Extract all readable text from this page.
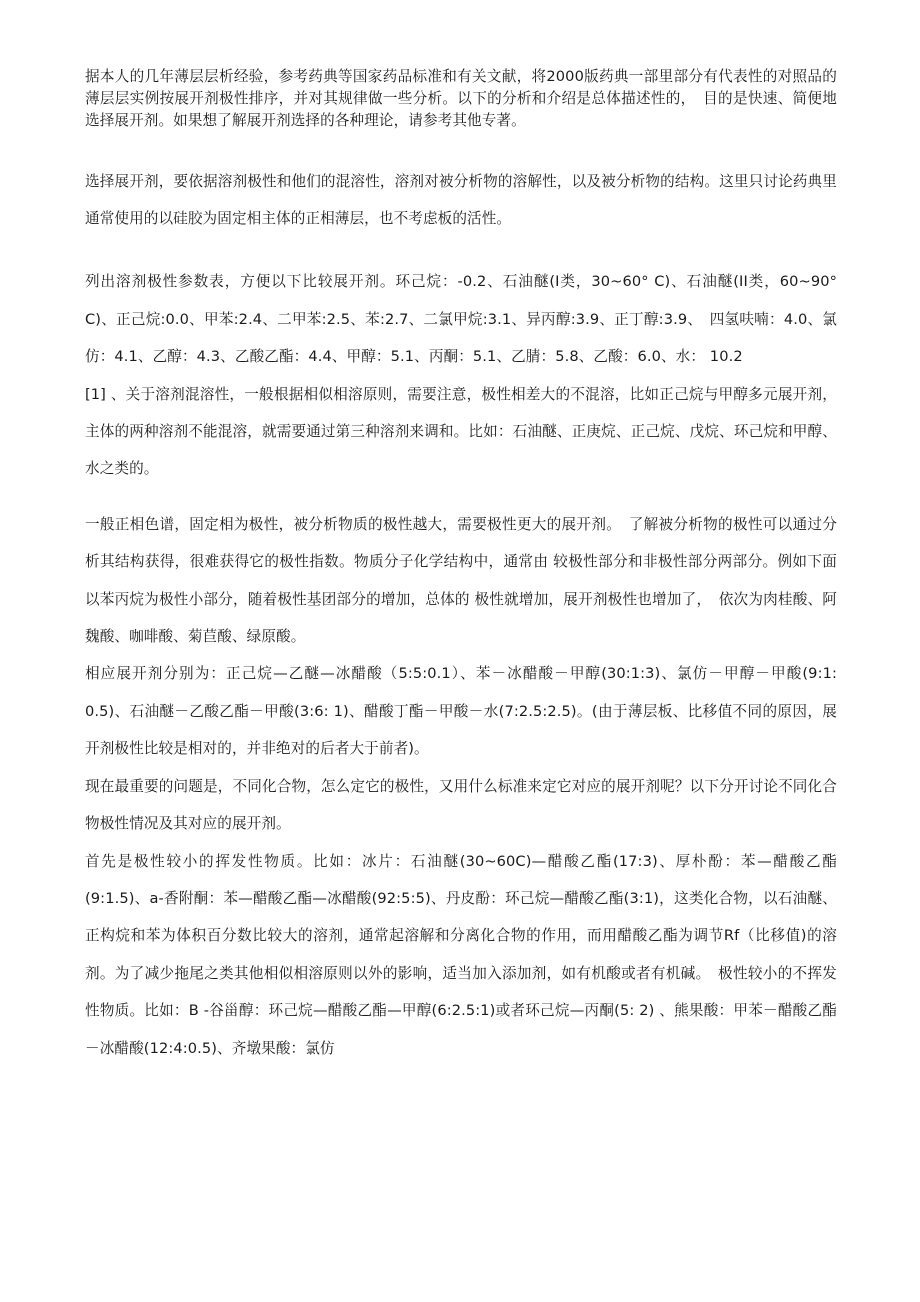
据本人的几年薄层层析经验，参考药典等国家药品标准和有关文献，将2000版药典一部里部分有代表性的对照品的薄层层实例按展开剂极性排序，并对其规律做一些分析。以下的分析和介绍是总体描述性的，　目的是快速、简便地选择展开剂。如果想了解展开剂选择的各种理论，请参考其他专著。

选择展开剂，要依据溶剂极性和他们的混溶性，溶剂对被分析物的溶解性，以及被分析物的结构。这里只讨论药典里通常使用的以硅胶为固定相主体的正相薄层，也不考虑板的活性。

列出溶剂极性参数表，方便以下比较展开剂。环己烷：-0.2、石油醚(I类，30~60° C)、石油醚(II类，60~90° C)、正己烷:0.0、甲苯:2.4、二甲苯:2.5、苯:2.7、二氯甲烷:3.1、异丙醇:3.9、正丁醇:3.9、　四氢呋喃：4.0、氯仿：4.1、乙醇：4.3、乙酸乙酯：4.4、甲醇：5.1、丙酮：5.1、乙腈：5.8、乙酸：6.0、水： 10.2

[1] 、关于溶剂混溶性，一般根据相似相溶原则，需要注意，极性相差大的不混溶，比如正己烷与甲醇多元展开剂，主体的两种溶剂不能混溶，就需要通过第三种溶剂来调和。比如：石油醚、正庚烷、正己烷、戊烷、环己烷和甲醇、水之类的。

一般正相色谱，固定相为极性，被分析物质的极性越大，需要极性更大的展开剂。　了解被分析物的极性可以通过分析其结构获得，很难获得它的极性指数。物质分子化学结构中，通常由 较极性部分和非极性部分两部分。例如下面以苯丙烷为极性小部分，随着极性基团部分的增加，总体的 极性就增加，展开剂极性也增加了，　依次为肉桂酸、阿魏酸、咖啡酸、菊苣酸、绿原酸。

相应展开剂分别为：正己烷—乙醚—冰醋酸（5:5:0.1）、苯－冰醋酸－甲醇(30:1:3)、氯仿－甲醇－甲酸(9:1: 0.5)、石油醚－乙酸乙酯－甲酸(3:6: 1)、醋酸丁酯－甲酸－水(7:2.5:2.5)。(由于薄层板、比移值不同的原因，展开剂极性比较是相对的，并非绝对的后者大于前者)。

现在最重要的问题是，不同化合物，怎么定它的极性，又用什么标准来定它对应的展开剂呢？以下分开讨论不同化合物极性情况及其对应的展开剂。

首先是极性较小的挥发性物质。比如：冰片：石油醚(30~60C)—醋酸乙酯(17:3)、厚朴酚：苯—醋酸乙酯(9:1.5)、a-香附酮：苯—醋酸乙酯—冰醋酸(92:5:5)、丹皮酚：环己烷—醋酸乙酯(3:1)，这类化合物，以石油醚、正构烷和苯为体积百分数比较大的溶剂，通常起溶解和分离化合物的作用，而用醋酸乙酯为调节Rf（比移值)的溶剂。为了减少拖尾之类其他相似相溶原则以外的影响，适当加入添加剂，如有机酸或者有机碱。　极性较小的不挥发性物质。比如：B -谷甾醇：环己烷—醋酸乙酯—甲醇(6:2.5:1)或者环己烷—丙酮(5: 2) 、熊果酸：甲苯－醋酸乙酯－冰醋酸(12:4:0.5)、齐墩果酸：氯仿
